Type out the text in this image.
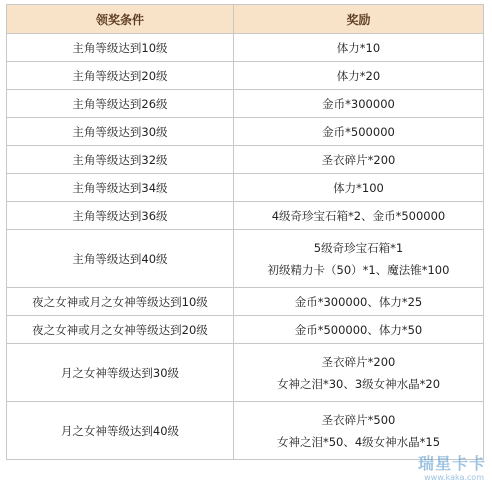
领奖条件	奖励
主角等级达到10级	体力*10
主角等级达到20级	体力*20
主角等级达到26级	金币*300000
主角等级达到30级	金币*500000
主角等级达到32级	圣衣碎片*200
主角等级达到34级	体力*100
主角等级达到36级	4级奇珍宝石箱*2、金币*500000
主角等级达到40级	5级奇珍宝石箱*1
初级精力卡（50）*1、魔法锥*100

夜之女神或月之女神等级达到10级	金币*300000、体力*25
夜之女神或月之女神等级达到20级	金币*500000、体力*50
月之女神等级达到30级	圣衣碎片*200
女神之泪*30、3级女神水晶*20

月之女神等级达到40级	圣衣碎片*500
女神之泪*50、4级女神水晶*15
瑞星卡卡
www.kaka.com
